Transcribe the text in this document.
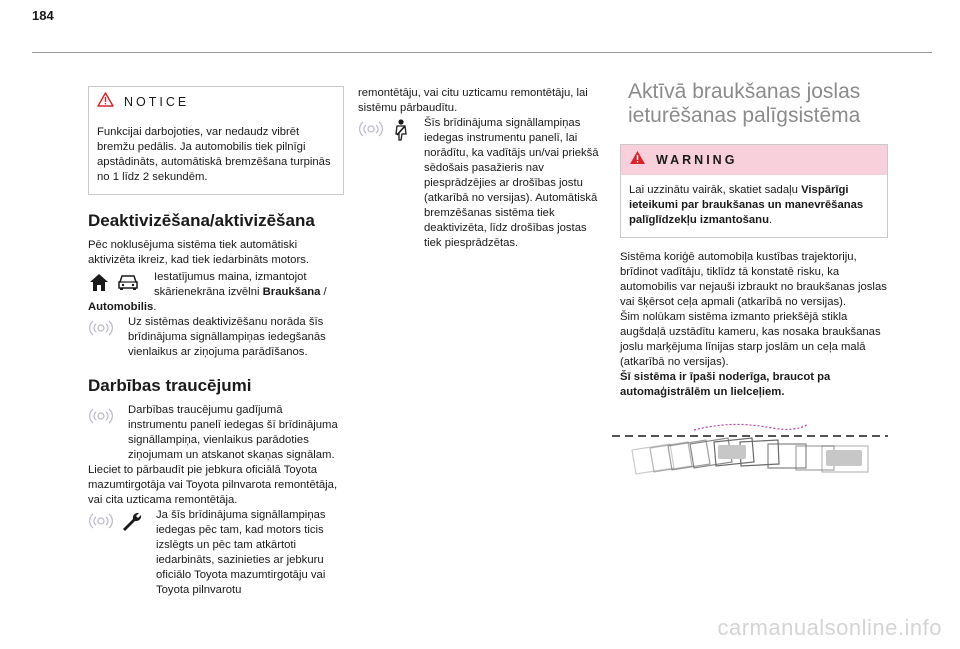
184
NOTICE
Funkcijai darbojoties, var nedaudz vibrēt bremžu pedālis. Ja automobilis tiek pilnīgi apstādināts, automātiskā bremzēšana turpinās no 1 līdz 2 sekundēm.
Deaktivizēšana/aktivizēšana
Pēc noklusējuma sistēma tiek automātiski aktivizēta ikreiz, kad tiek iedarbināts motors.
Iestatījumus maina, izmantojot skārienekrāna izvēlni Braukšana /
Automobilis.
Uz sistēmas deaktivizēšanu norāda šīs brīdinājuma signāllampiņas iedegšanās vienlaikus ar ziņojuma parādīšanos.
Darbības traucējumi
Darbības traucējumu gadījumā instrumentu panelī iedegas šī brīdinājuma signāllampiņa, vienlaikus parādoties ziņojumam un atskanot skaņas signālam.
Lieciet to pārbaudīt pie jebkura oficiālā Toyota mazumtirgotāja vai Toyota pilnvarota remontētāja, vai cita uzticama remontētāja.
Ja šīs brīdinājuma signāllampiņas iedegas pēc tam, kad motors ticis izslēgts un pēc tam atkārtoti iedarbināts, sazinieties ar jebkuru oficiālo Toyota mazumtirgotāju vai Toyota pilnvarotu
remontētāju, vai citu uzticamu remontētāju, lai sistēmu pārbaudītu.
Šīs brīdinājuma signāllampiņas iedegas instrumentu panelī, lai norādītu, ka vadītājs un/vai priekšā sēdošais pasažieris nav piesprādzējies ar drošības jostu (atkarībā no versijas). Automātiskā bremzēšanas sistēma tiek deaktivizēta, līdz drošības jostas tiek piesprādzētas.
Aktīvā braukšanas joslas
ieturēšanas palīgsistēma
WARNING
Lai uzzinātu vairāk, skatiet sadaļu Vispārīgi ieteikumi par braukšanas un manevrēšanas palīglīdzekļu izmantošanu.
Sistēma koriģē automobiļa kustības trajektoriju, brīdinot vadītāju, tiklīdz tā konstatē risku, ka automobilis var nejauši izbraukt no braukšanas joslas vai šķērsot ceļa apmali (atkarībā no versijas).
Šim nolūkam sistēma izmanto priekšējā stikla augšdaļā uzstādītu kameru, kas nosaka braukšanas joslu marķējuma līnijas starp joslām un ceļa malā (atkarībā no versijas).
Šī sistēma ir īpaši noderīga, braucot pa automaģistrālēm un lielceļiem.
carmanualsonline.info
